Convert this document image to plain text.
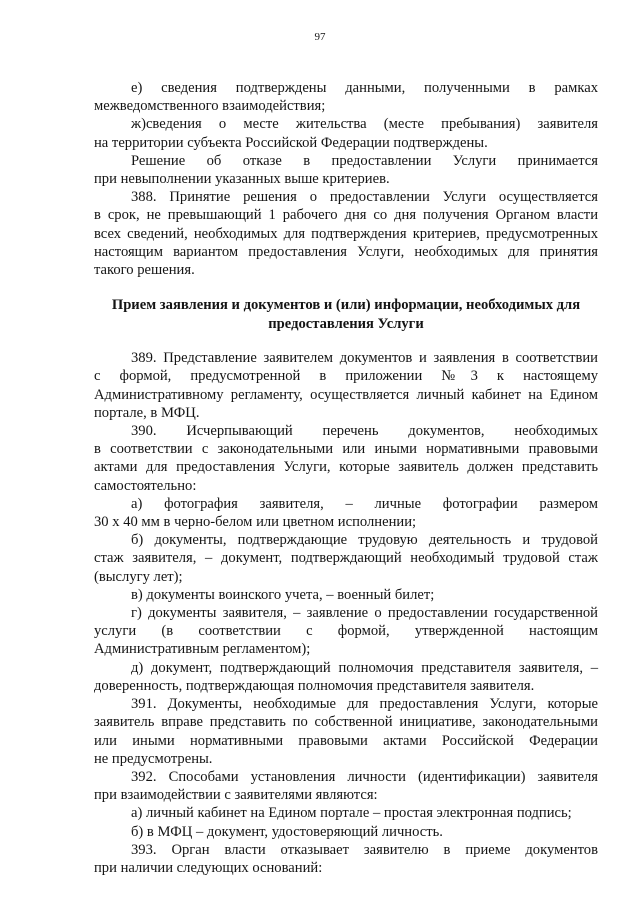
97
е) сведения подтверждены данными, полученными в рамках
межведомственного взаимодействия;
ж)сведения о месте жительства (месте пребывания) заявителя
на территории субъекта Российской Федерации подтверждены.
Решение об отказе в предоставлении Услуги принимается
при невыполнении указанных выше критериев.
388. Принятие решения о предоставлении Услуги осуществляется
в срок, не превышающий 1 рабочего дня со дня получения Органом власти
всех сведений, необходимых для подтверждения критериев, предусмотренных
настоящим вариантом предоставления Услуги, необходимых для принятия
такого решения.
Прием заявления и документов и (или) информации, необходимых для
предоставления Услуги
389. Представление заявителем документов и заявления в соответствии
с формой, предусмотренной в приложении №3 к настоящему
Административному регламенту, осуществляется личный кабинет на Едином
портале, в МФЦ.
390. Исчерпывающий перечень документов, необходимых
в соответствии с законодательными или иными нормативными правовыми
актами для предоставления Услуги, которые заявитель должен представить
самостоятельно:
а) фотография заявителя, – личные фотографии размером
30 х 40 мм в черно-белом или цветном исполнении;
б) документы, подтверждающие трудовую деятельность и трудовой
стаж заявителя, – документ, подтверждающий необходимый трудовой стаж
(выслугу лет);
в) документы воинского учета, – военный билет;
г) документы заявителя, – заявление о предоставлении государственной
услуги (в соответствии с формой, утвержденной настоящим
Административным регламентом);
д) документ, подтверждающий полномочия представителя заявителя, –
доверенность, подтверждающая полномочия представителя заявителя.
391. Документы, необходимые для предоставления Услуги, которые
заявитель вправе представить по собственной инициативе, законодательными
или иными нормативными правовыми актами Российской Федерации
не предусмотрены.
392. Способами установления личности (идентификации) заявителя
при взаимодействии с заявителями являются:
а) личный кабинет на Едином портале – простая электронная подпись;
б) в МФЦ – документ, удостоверяющий личность.
393. Орган власти отказывает заявителю в приеме документов
при наличии следующих оснований:
